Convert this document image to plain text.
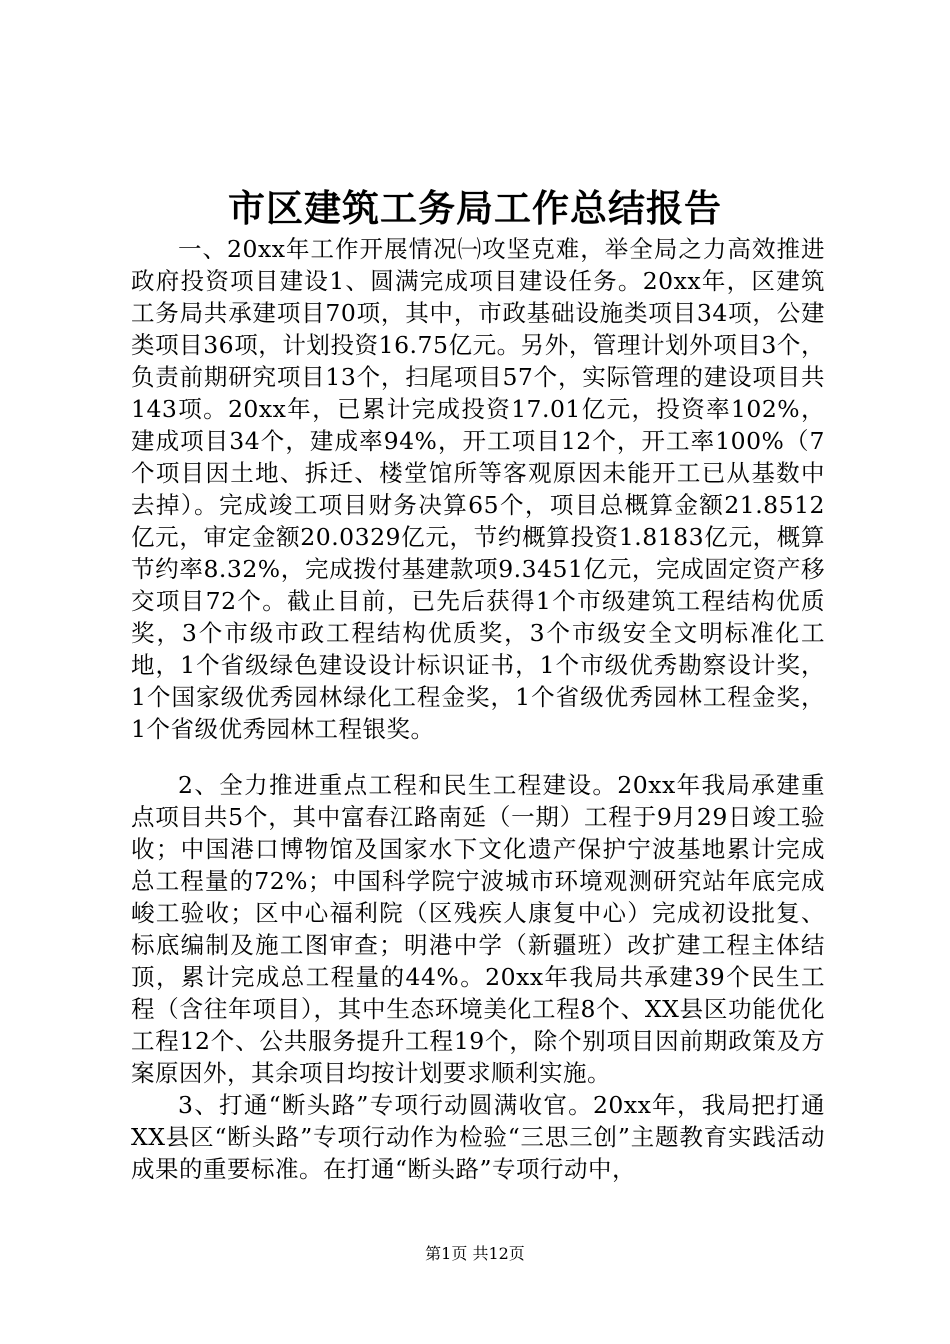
市区建筑工务局工作总结报告

一、20xx年工作开展情况㈠攻坚克难，举全局之力高效推进政府投资项目建设1、圆满完成项目建设任务。20xx年，区建筑工务局共承建项目70项，其中，市政基础设施类项目34项，公建类项目36项，计划投资16.75亿元。另外，管理计划外项目3个，负责前期研究项目13个，扫尾项目57个，实际管理的建设项目共143项。20xx年，已累计完成投资17.01亿元，投资率102%，建成项目34个，建成率94%，开工项目12个，开工率100%（7个项目因土地、拆迁、楼堂馆所等客观原因未能开工已从基数中去掉）。完成竣工项目财务决算65个，项目总概算金额21.8512亿元，审定金额20.0329亿元，节约概算投资1.8183亿元，概算节约率8.32%，完成拨付基建款项9.3451亿元，完成固定资产移交项目72个。截止目前，已先后获得1个市级建筑工程结构优质奖，3个市级市政工程结构优质奖，3个市级安全文明标准化工地，1个省级绿色建设设计标识证书，1个市级优秀勘察设计奖，1个国家级优秀园林绿化工程金奖，1个省级优秀园林工程金奖，1个省级优秀园林工程银奖。

2、全力推进重点工程和民生工程建设。20xx年我局承建重点项目共5个，其中富春江路南延（一期）工程于9月29日竣工验收；中国港口博物馆及国家水下文化遗产保护宁波基地累计完成总工程量的72%；中国科学院宁波城市环境观测研究站年底完成峻工验收；区中心福利院（区残疾人康复中心）完成初设批复、标底编制及施工图审查；明港中学（新疆班）改扩建工程主体结顶，累计完成总工程量的44%。20xx年我局共承建39个民生工程（含往年项目），其中生态环境美化工程8个、XX县区功能优化工程12个、公共服务提升工程19个，除个别项目因前期政策及方案原因外，其余项目均按计划要求顺利实施。

3、打通“断头路”专项行动圆满收官。20xx年，我局把打通XX县区“断头路”专项行动作为检验“三思三创”主题教育实践活动成果的重要标准。在打通“断头路”专项行动中，

第1页 共12页
